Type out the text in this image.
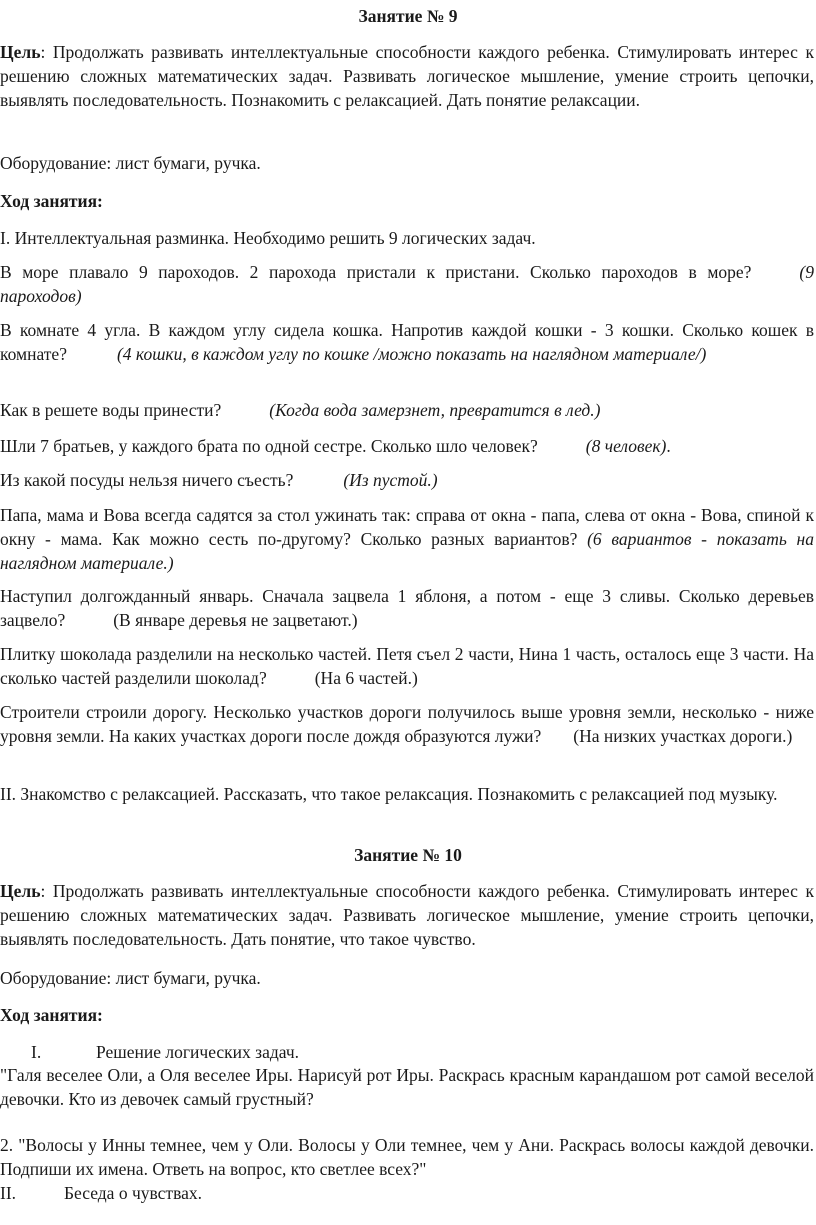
Занятие № 9

Цель: Продолжать развивать интеллектуальные способности каждого ребенка. Стимулировать интерес к решению сложных математических задач. Развивать логическое мышление, умение строить цепочки, выявлять последовательность. Познакомить с релаксацией. Дать понятие релаксации.

Оборудование: лист бумаги, ручка.

Ход занятия:

I. Интеллектуальная разминка. Необходимо решить 9 логических задач.

В море плавало 9 пароходов. 2 парохода пристали к пристани. Сколько пароходов в море?	(9 пароходов)

В комнате 4 угла. В каждом углу сидела кошка. Напротив каждой кошки - 3 кошки. Сколько кошек в комнате?	(4 кошки, в каждом углу по кошке /можно показать на наглядном материале/)

Как в решете воды принести?	(Когда вода замерзнет, превратится в лед.)

Шли 7 братьев, у каждого брата по одной сестре. Сколько шло человек?	(8 человек).

Из какой посуды нельзя ничего съесть?	(Из пустой.)

Папа, мама и Вова всегда садятся за стол ужинать так: справа от окна - папа, слева от окна - Вова, спиной к окну - мама. Как можно сесть по-другому? Сколько разных вариантов? (6 вариантов - показать на наглядном материале.)

Наступил долгожданный январь. Сначала зацвела 1 яблоня, а потом - еще 3 сливы. Сколько деревьев зацвело?	(В январе деревья не зацветают.)

Плитку шоколада разделили на несколько частей. Петя съел 2 части, Нина 1 часть, осталось еще 3 части. На сколько частей разделили шоколад?	(На 6 частей.)

Строители строили дорогу. Несколько участков дороги получилось выше уровня земли, несколько - ниже уровня земли. На каких участках дороги после дождя образуются лужи? (На низких участках дороги.)

II. Знакомство с релаксацией. Рассказать, что такое релаксация. Познакомить с релаксацией под музыку.

Занятие № 10

Цель: Продолжать развивать интеллектуальные способности каждого ребенка. Стимулировать интерес к решению сложных математических задач. Развивать логическое мышление, умение строить цепочки, выявлять последовательность. Дать понятие, что такое чувство.

Оборудование: лист бумаги, ручка.

Ход занятия:

I.	Решение логических задач.

"Галя веселее Оли, а Оля веселее Иры. Нарисуй рот Иры. Раскрась красным карандашом рот самой веселой девочки. Кто из девочек самый грустный?

2. "Волосы у Инны темнее, чем у Оли. Волосы у Оли темнее, чем у Ани. Раскрась волосы каждой девочки. Подпиши их имена. Ответь на вопрос, кто светлее всех?"

II.	Беседа о чувствах.
